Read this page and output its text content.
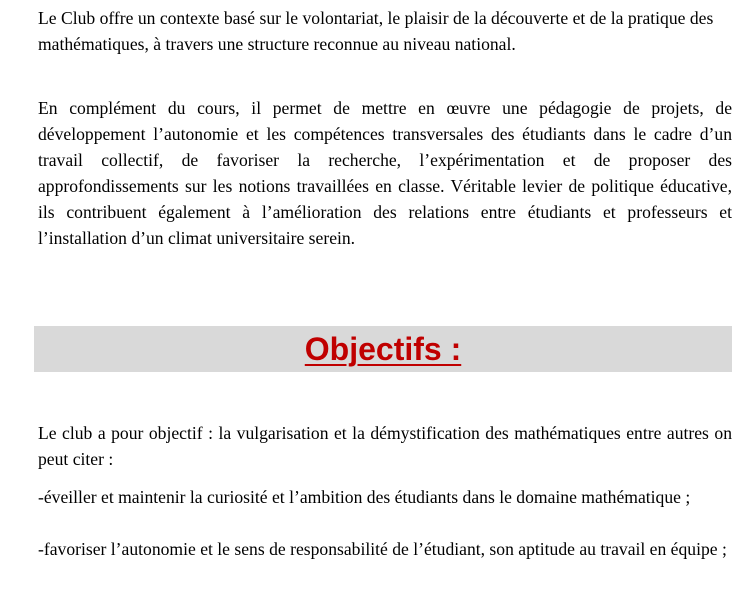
Le Club offre un contexte basé sur le volontariat, le plaisir de la découverte et de la pratique des mathématiques, à travers une structure reconnue au niveau national.

En complément du cours, il permet de mettre en œuvre une pédagogie de projets, de développement l’autonomie et les compétences transversales des étudiants dans le cadre d’un travail collectif, de favoriser la recherche, l’expérimentation et de proposer des approfondissements sur les notions travaillées en classe. Véritable levier de politique éducative, ils contribuent également à l’amélioration des relations entre étudiants et professeurs et l’installation d’un climat universitaire serein.

Objectifs :

Le club a pour objectif : la vulgarisation et la démystification des mathématiques entre autres on peut citer :

-éveiller et maintenir la curiosité et l’ambition des étudiants dans le domaine mathématique ;

-favoriser l’autonomie et le sens de responsabilité de l’étudiant, son aptitude au travail en équipe ;
